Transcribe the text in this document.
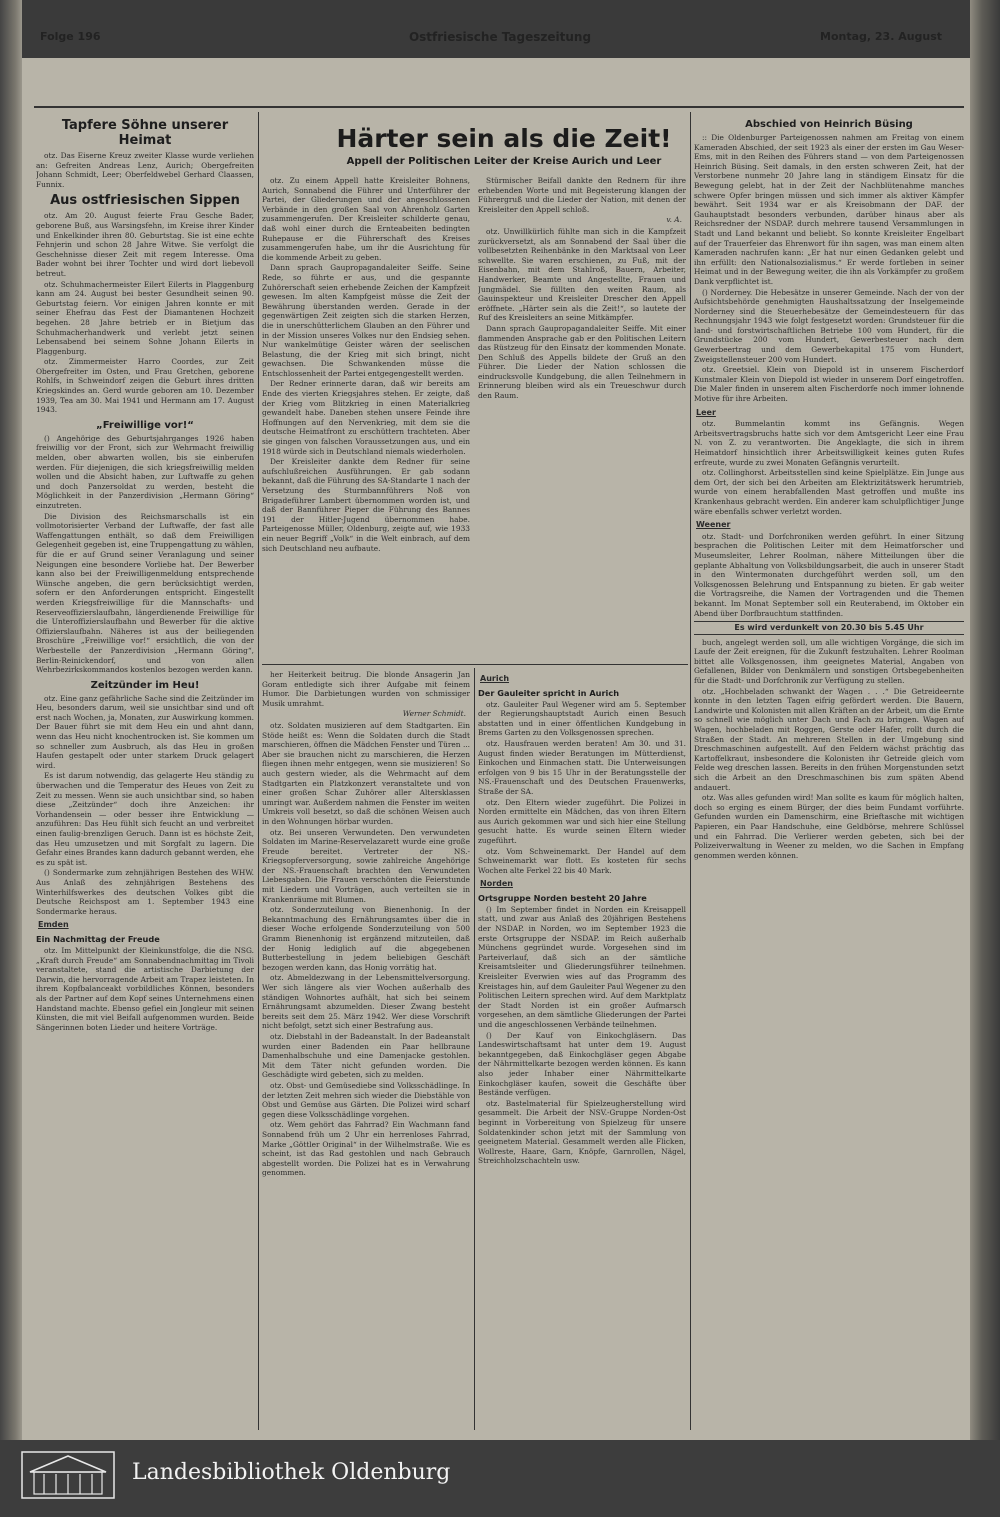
Folge 196	Ostfriesische Tageszeitung	Montag, 23. August
Tapfere Söhne unserer Heimat

otz. Das Eiserne Kreuz zweiter Klasse wurde verliehen an: Gefreiten Andreas Lenz, Aurich; Obergefreiten Johann Schmidt, Leer; Oberfeldwebel Gerhard Claassen, Funnix.

Aus ostfriesischen Sippen

otz. Am 20. August feierte Frau Gesche Bader, geborene Buß, aus Warsingsfehn, im Kreise ihrer Kinder und Enkelkinder ihren 80. Geburtstag. Sie ist eine echte Fehnjerin und schon 28 Jahre Witwe. Sie verfolgt die Geschehnisse dieser Zeit mit regem Interesse. Oma Bader wohnt bei ihrer Tochter und wird dort liebevoll betreut.

otz. Schuhmachermeister Eilert Eilerts in Plaggenburg kann am 24. August bei bester Gesundheit seinen 90. Geburtstag feiern. Vor einigen Jahren konnte er mit seiner Ehefrau das Fest der Diamantenen Hochzeit begehen. 28 Jahre betrieb er in Bietjum das Schuhmacherhandwerk und verlebt jetzt seinen Lebensabend bei seinem Sohne Johann Eilerts in Plaggenburg.

otz. Zimmermeister Harro Coordes, zur Zeit Obergefreiter im Osten, und Frau Gretchen, geborene Rohlfs, in Schweindorf zeigen die Geburt ihres dritten Kriegskindes an. Gerd wurde geboren am 10. Dezember 1939, Tea am 30. Mai 1941 und Hermann am 17. August 1943.

„Freiwillige vor!“

() Angehörige des Geburtsjahrganges 1926 haben freiwillig vor der Front, sich zur Wehrmacht freiwillig melden, ober abwarten wollen, bis sie einberufen werden. Für diejenigen, die sich kriegsfreiwillig melden wollen und die Absicht haben, zur Luftwaffe zu gehen und doch Panzersoldat zu werden, besteht die Möglichkeit in der Panzerdivision „Hermann Göring“ einzutreten.

Die Division des Reichsmarschalls ist ein vollmotorisierter Verband der Luftwaffe, der fast alle Waffengattungen enthält, so daß dem Freiwilligen Gelegenheit gegeben ist, eine Truppengattung zu wählen, für die er auf Grund seiner Veranlagung und seiner Neigungen eine besondere Vorliebe hat. Der Bewerber kann also bei der Freiwilligenmeldung entsprechende Wünsche angeben, die gern berücksichtigt werden, sofern er den Anforderungen entspricht. Eingestellt werden Kriegsfreiwillige für die Mannschafts- und Reserveoffizierslaufbahn, längerdienende Freiwillige für die Unteroffizierslaufbahn und Bewerber für die aktive Offizierslaufbahn. Näheres ist aus der beiliegenden Broschüre „Freiwillige vor!“ ersichtlich, die von der Werbestelle der Panzerdivision „Hermann Göring“, Berlin-Reinickendorf, und von allen Wehrbezirkskommandos kostenlos bezogen werden kann.

Zeitzünder im Heu!

otz. Eine ganz gefährliche Sache sind die Zeitzünder im Heu, besonders darum, weil sie unsichtbar sind und oft erst nach Wochen, ja, Monaten, zur Auswirkung kommen. Der Bauer führt sie mit dem Heu ein und ahnt dann, wenn das Heu nicht knochentrocken ist. Sie kommen um so schneller zum Ausbruch, als das Heu in großen Haufen gestapelt oder unter starkem Druck gelagert wird.

Es ist darum notwendig, das gelagerte Heu ständig zu überwachen und die Temperatur des Heues von Zeit zu Zeit zu messen. Wenn sie auch unsichtbar sind, so haben diese „Zeitzünder“ doch ihre Anzeichen: ihr Vorhandensein — oder besser ihre Entwicklung — anzuführen: Das Heu fühlt sich feucht an und verbreitet einen faulig-brenzligen Geruch. Dann ist es höchste Zeit, das Heu umzusetzen und mit Sorgfalt zu lagern. Die Gefahr eines Brandes kann dadurch gebannt werden, ehe es zu spät ist.

() Sondermarke zum zehnjährigen Bestehen des WHW. Aus Anlaß des zehnjährigen Bestehens des Winterhilfswerkes des deutschen Volkes gibt die Deutsche Reichspost am 1. September 1943 eine Sondermarke heraus.

Emden
Ein Nachmittag der Freude

otz. Im Mittelpunkt der Kleinkunstfolge, die die NSG. „Kraft durch Freude“ am Sonnabendnachmittag im Tivoli veranstaltete, stand die artistische Darbietung der Darwin, die hervorragende Arbeit am Trapez leisteten. In ihrem Kopfbalanceakt vorbildliches Können, besonders als der Partner auf dem Kopf seines Unternehmens einen Handstand machte. Ebenso gefiel ein Jongleur mit seinen Künsten, die mit viel Beifall aufgenommen wurden. Beide Sängerinnen boten Lieder und heitere Vorträge.

Härter sein als die Zeit!
Appell der Politischen Leiter der Kreise Aurich und Leer

otz. Zu einem Appell hatte Kreisleiter Bohnens, Aurich, Sonnabend die Führer und Unterführer der Partei, der Gliederungen und der angeschlossenen Verbände in den großen Saal von Ahrenholz Garten zusammengerufen. Der Kreisleiter schilderte genau, daß wohl einer durch die Ernteabeiten bedingten Ruhepause er die Führerschaft des Kreises zusammengerufen habe, um ihr die Ausrichtung für die kommende Arbeit zu geben.

Dann sprach Gaupropagandaleiter Seiffe. Seine Rede, so führte er aus, und die gespannte Zuhörerschaft seien erhebende Zeichen der Kampfzeit gewesen. Im alten Kampfgeist müsse die Zeit der Bewährung überstanden werden. Gerade in der gegenwärtigen Zeit zeigten sich die starken Herzen, die in unerschütterlichem Glauben an den Führer und in der Mission unseres Volkes nur den Endsieg sehen. Nur wankelmütige Geister wären der seelischen Belastung, die der Krieg mit sich bringt, nicht gewachsen. Die Schwankenden müsse die Entschlossenheit der Partei entgegengestellt werden.

Der Redner erinnerte daran, daß wir bereits am Ende des vierten Kriegsjahres stehen. Er zeigte, daß der Krieg vom Blitzkrieg in einen Materialkrieg gewandelt habe. Daneben stehen unsere Feinde ihre Hoffnungen auf den Nervenkrieg, mit dem sie die deutsche Heimatfront zu erschüttern trachteten. Aber sie gingen von falschen Voraussetzungen aus, und ein 1918 würde sich in Deutschland niemals wiederholen.

Der Kreisleiter dankte dem Redner für seine aufschlußreichen Ausführungen. Er gab sodann bekannt, daß die Führung des SA-Standarte 1 nach der Versetzung des Sturmbannführers Noß von Brigadeführer Lambert übernommen worden ist, und daß der Bannführer Pieper die Führung des Bannes 191 der Hitler-Jugend übernommen habe. Parteigenosse Müller, Oldenburg, zeigte auf, wie 1933 ein neuer Begriff „Volk“ in die Welt einbrach, auf dem sich Deutschland neu aufbaute.

Stürmischer Beifall dankte den Rednern für ihre erhebenden Worte und mit Begeisterung klangen der Führergruß und die Lieder der Nation, mit denen der Kreisleiter den Appell schloß.

v. A.

otz. Unwillkürlich fühlte man sich in die Kampfzeit zurückversetzt, als am Sonnabend der Saal über die vollbesetzten Reihenbänke in den Marktsaal von Leer schwellte. Sie waren erschienen, zu Fuß, mit der Eisenbahn, mit dem Stahlroß, Bauern, Arbeiter, Handwerker, Beamte und Angestellte, Frauen und Jungmädel. Sie füllten den weiten Raum, als Gauinspekteur und Kreisleiter Drescher den Appell eröffnete. „Härter sein als die Zeit!“, so lautete der Ruf des Kreisleiters an seine Mitkämpfer.

Dann sprach Gaupropagandaleiter Seiffe. Mit einer flammenden Ansprache gab er den Politischen Leitern das Rüstzeug für den Einsatz der kommenden Monate. Den Schluß des Appells bildete der Gruß an den Führer. Die Lieder der Nation schlossen die eindrucksvolle Kundgebung, die allen Teilnehmern in Erinnerung bleiben wird als ein Treueschwur durch den Raum.

her Heiterkeit beitrug. Die blonde Ansagerin Jan Goram entledigte sich ihrer Aufgabe mit feinem Humor. Die Darbietungen wurden von schmissiger Musik umrahmt.

Werner Schmidt.

otz. Soldaten musizieren auf dem Stadtgarten. Ein Stöde heißt es: Wenn die Soldaten durch die Stadt marschieren, öffnen die Mädchen Fenster und Türen ... Aber sie brauchen nicht zu marschieren, die Herzen fliegen ihnen mehr entgegen, wenn sie musizieren! So auch gestern wieder, als die Wehrmacht auf dem Stadtgarten ein Platzkonzert veranstaltete und von einer großen Schar Zuhörer aller Altersklassen umringt war. Außerdem nahmen die Fenster im weiten Umkreis voll besetzt, so daß die schönen Weisen auch in den Wohnungen hörbar wurden.

otz. Bei unseren Verwundeten. Den verwundeten Soldaten im Marine-Reservelazarett wurde eine große Freude bereitet. Vertreter der NS.-Kriegsopferversorgung, sowie zahlreiche Angehörige der NS.-Frauenschaft brachten den Verwundeten Liebesgaben. Die Frauen verschönten die Feierstunde mit Liedern und Vorträgen, auch verteilten sie in Krankenräume mit Blumen.

otz. Sonderzuteilung von Bienenhonig. In der Bekanntmachung des Ernährungsamtes über die in dieser Woche erfolgende Sonderzuteilung von 500 Gramm Bienenhonig ist ergänzend mitzuteilen, daß der Honig lediglich auf die abgegebenen Butterbestellung in jedem beliebigen Geschäft bezogen werden kann, das Honig vorrätig hat.

otz. Abmeldezwang in der Lebensmittelversorgung. Wer sich längere als vier Wochen außerhalb des ständigen Wohnortes aufhält, hat sich bei seinem Ernährungsamt abzumelden. Dieser Zwang besteht bereits seit dem 25. März 1942. Wer diese Vorschrift nicht befolgt, setzt sich einer Bestrafung aus.

otz. Diebstahl in der Badeanstalt. In der Badeanstalt wurden einer Badenden ein Paar hellbraune Damenhalbschuhe und eine Damenjacke gestohlen. Mit dem Täter nicht gefunden worden. Die Geschädigte wird gebeten, sich zu melden.

otz. Obst- und Gemüsediebe sind Volksschädlinge. In der letzten Zeit mehren sich wieder die Diebstähle von Obst und Gemüse aus Gärten. Die Polizei wird scharf gegen diese Volksschädlinge vorgehen.

otz. Wem gehört das Fahrrad? Ein Wachmann fand Sonnabend früh um 2 Uhr ein herrenloses Fahrrad, Marke „Göttler Original“ in der Wilhelmstraße. Wie es scheint, ist das Rad gestohlen und nach Gebrauch abgestellt worden. Die Polizei hat es in Verwahrung genommen.

Aurich
Der Gauleiter spricht in Aurich

otz. Gauleiter Paul Wegener wird am 5. September der Regierungshauptstadt Aurich einen Besuch abstatten und in einer öffentlichen Kundgebung in Brems Garten zu den Volksgenossen sprechen.

otz. Hausfrauen werden beraten! Am 30. und 31. August finden wieder Beratungen im Mütterdienst, Einkochen und Einmachen statt. Die Unterweisungen erfolgen von 9 bis 15 Uhr in der Beratungsstelle der NS.-Frauenschaft und des Deutschen Frauenwerks, Straße der SA.

otz. Den Eltern wieder zugeführt. Die Polizei in Norden ermittelte ein Mädchen, das von ihren Eltern aus Aurich gekommen war und sich hier eine Stellung gesucht hatte. Es wurde seinen Eltern wieder zugeführt.

otz. Vom Schweinemarkt. Der Handel auf dem Schweinemarkt war flott. Es kosteten für sechs Wochen alte Ferkel 22 bis 40 Mark.

Norden
Ortsgruppe Norden besteht 20 Jahre

() Im September findet in Norden ein Kreisappell statt, und zwar aus Anlaß des 20jährigen Bestehens der NSDAP. in Norden, wo im September 1923 die erste Ortsgruppe der NSDAP. im Reich außerhalb Münchens gegründet wurde. Vorgesehen sind im Parteiverlauf, daß sich an der sämtliche Kreisamtsleiter und Gliederungsführer teilnehmen. Kreisleiter Everwien wies auf das Programm des Kreistages hin, auf dem Gauleiter Paul Wegener zu den Politischen Leitern sprechen wird. Auf dem Marktplatz der Stadt Norden ist ein großer Aufmarsch vorgesehen, an dem sämtliche Gliederungen der Partei und die angeschlossenen Verbände teilnehmen.

() Der Kauf von Einkochgläsern. Das Landeswirtschaftsamt hat unter dem 19. August bekanntgegeben, daß Einkochgläser gegen Abgabe der Nährmittelkarte bezogen werden können. Es kann also jeder Inhaber einer Nährmittelkarte Einkochgläser kaufen, soweit die Geschäfte über Bestände verfügen.

otz. Bastelmaterial für Spielzeugherstellung wird gesammelt. Die Arbeit der NSV.-Gruppe Norden-Ost beginnt in Vorbereitung von Spielzeug für unsere Soldatenkinder schon jetzt mit der Sammlung von geeignetem Material. Gesammelt werden alle Flicken, Wollreste, Haare, Garn, Knöpfe, Garnrollen, Nägel, Streichholzschachteln usw.

Abschied von Heinrich Büsing

:: Die Oldenburger Parteigenossen nahmen am Freitag von einem Kameraden Abschied, der seit 1923 als einer der ersten im Gau Weser-Ems, mit in den Reihen des Führers stand — von dem Parteigenossen Heinrich Büsing. Seit damals, in den ersten schweren Zeit, hat der Verstorbene nunmehr 20 Jahre lang in ständigem Einsatz für die Bewegung gelebt, hat in der Zeit der Nachblütenahme manches schwere Opfer bringen müssen und sich immer als aktiver Kämpfer bewährt. Seit 1934 war er als Kreisobmann der DAF. der Gauhauptstadt besonders verbunden, darüber hinaus aber als Reichsredner der NSDAP. durch mehrere tausend Versammlungen in Stadt und Land bekannt und beliebt. So konnte Kreisleiter Engelbart auf der Trauerfeier das Ehrenwort für ihn sagen, was man einem alten Kameraden nachrufen kann: „Er hat nur einen Gedanken gelebt und ihn erfüllt: den Nationalsozialismus.“ Er werde fortleben in seiner Heimat und in der Bewegung weiter, die ihn als Vorkämpfer zu großem Dank verpflichtet ist.

() Norderney. Die Hebesätze in unserer Gemeinde. Nach der von der Aufsichtsbehörde genehmigten Haushaltssatzung der Inselgemeinde Norderney sind die Steuerhebesätze der Gemeindesteuern für das Rechnungsjahr 1943 wie folgt festgesetzt worden: Grundsteuer für die land- und forstwirtschaftlichen Betriebe 100 vom Hundert, für die Grundstücke 200 vom Hundert, Gewerbesteuer nach dem Gewerbeertrag und dem Gewerbekapital 175 vom Hundert, Zweigstellensteuer 200 vom Hundert.

otz. Greetsiel. Klein von Diepold ist in unserem Fischerdorf Kunstmaler Klein von Diepold ist wieder in unserem Dorf eingetroffen. Die Maler finden in unserem alten Fischerdorfe noch immer lohnende Motive für ihre Arbeiten.

Leer

otz. Bummelantin kommt ins Gefängnis. Wegen Arbeitsvertragsbruchs hatte sich vor dem Amtsgericht Leer eine Frau N. von Z. zu verantworten. Die Angeklagte, die sich in ihrem Heimatdorf hinsichtlich ihrer Arbeitswilligkeit keines guten Rufes erfreute, wurde zu zwei Monaten Gefängnis verurteilt.

otz. Collinghorst. Arbeitsstellen sind keine Spielplätze. Ein Junge aus dem Ort, der sich bei den Arbeiten am Elektrizitätswerk herumtrieb, wurde von einem herabfallenden Mast getroffen und mußte ins Krankenhaus gebracht werden. Ein anderer kam schulpflichtiger Junge wäre ebenfalls schwer verletzt worden.

Weener

otz. Stadt- und Dorfchroniken werden geführt. In einer Sitzung besprachen die Politischen Leiter mit dem Heimatforscher und Museumsleiter, Lehrer Roolman, nähere Mitteilungen über die geplante Abhaltung von Volksbildungsarbeit, die auch in unserer Stadt in den Wintermonaten durchgeführt werden soll, um den Volksgenossen Belehrung und Entspannung zu bieten. Er gab weiter die Vortragsreihe, die Namen der Vortragenden und die Themen bekannt. Im Monat September soll ein Reuterabend, im Oktober ein Abend über Dorfbrauchtum stattfinden.

Es wird verdunkelt von 20.30 bis 5.45 Uhr

buch, angelegt werden soll, um alle wichtigen Vorgänge, die sich im Laufe der Zeit ereignen, für die Zukunft festzuhalten. Lehrer Roolman bittet alle Volksgenossen, ihm geeignetes Material, Angaben von Gefallenen, Bilder von Denkmälern und sonstigen Ortsbegebenheiten für die Stadt- und Dorfchronik zur Verfügung zu stellen.

otz. „Hochbeladen schwankt der Wagen . . .“ Die Getreideernte konnte in den letzten Tagen eifrig gefördert werden. Die Bauern, Landwirte und Kolonisten mit allen Kräften an der Arbeit, um die Ernte so schnell wie möglich unter Dach und Fach zu bringen. Wagen auf Wagen, hochbeladen mit Roggen, Gerste oder Hafer, rollt durch die Straßen der Stadt. An mehreren Stellen in der Umgebung sind Dreschmaschinen aufgestellt. Auf den Feldern wächst prächtig das Kartoffelkraut, insbesondere die Kolonisten ihr Getreide gleich vom Felde weg dreschen lassen. Bereits in den frühen Morgenstunden setzt sich die Arbeit an den Dreschmaschinen bis zum späten Abend andauert.

otz. Was alles gefunden wird! Man sollte es kaum für möglich halten, doch so erging es einem Bürger, der dies beim Fundamt vorführte. Gefunden wurden ein Damenschirm, eine Brieftasche mit wichtigen Papieren, ein Paar Handschuhe, eine Geldbörse, mehrere Schlüssel und ein Fahrrad. Die Verlierer werden gebeten, sich bei der Polizeiverwaltung in Weener zu melden, wo die Sachen in Empfang genommen werden können.

Landesbibliothek Oldenburg
